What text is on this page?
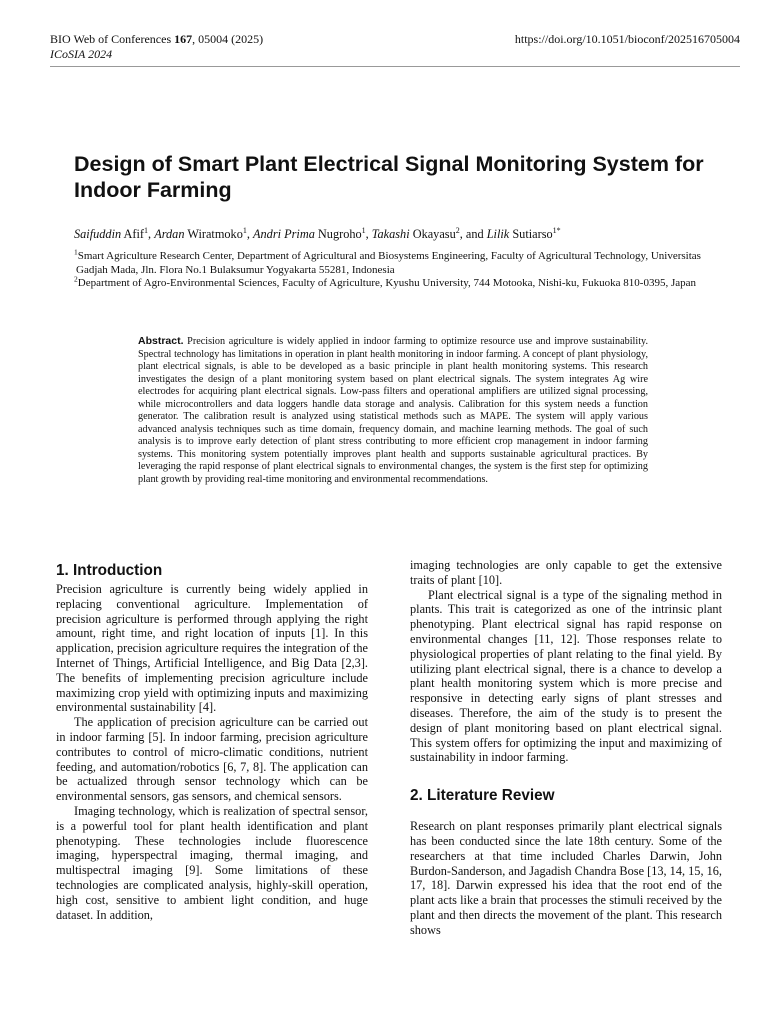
BIO Web of Conferences 167, 05004 (2025)
ICoSIA 2024
https://doi.org/10.1051/bioconf/202516705004
Design of Smart Plant Electrical Signal Monitoring System for Indoor Farming
Saifuddin Afif$^1$, Ardan Wiratmoko$^1$, Andri Prima Nugroho$^1$, Takashi Okayasu$^2$, and Lilik Sutiarso$^{1*}$
$^1$Smart Agriculture Research Center, Department of Agricultural and Biosystems Engineering, Faculty of Agricultural Technology, Universitas Gadjah Mada, Jln. Flora No.1 Bulaksumur Yogyakarta 55281, Indonesia
$^2$Department of Agro-Environmental Sciences, Faculty of Agriculture, Kyushu University, 744 Motooka, Nishi-ku, Fukuoka 810-0395, Japan
Abstract. Precision agriculture is widely applied in indoor farming to optimize resource use and improve sustainability. Spectral technology has limitations in operation in plant health monitoring in indoor farming. A concept of plant physiology, plant electrical signals, is able to be developed as a basic principle in plant health monitoring systems. This research investigates the design of a plant monitoring system based on plant electrical signals. The system integrates Ag wire electrodes for acquiring plant electrical signals. Low-pass filters and operational amplifiers are utilized signal processing, while microcontrollers and data loggers handle data storage and analysis. Calibration for this system needs a function generator. The calibration result is analyzed using statistical methods such as MAPE. The system will apply various advanced analysis techniques such as time domain, frequency domain, and machine learning methods. The goal of such analysis is to improve early detection of plant stress contributing to more efficient crop management in indoor farming systems. This monitoring system potentially improves plant health and supports sustainable agricultural practices. By leveraging the rapid response of plant electrical signals to environmental changes, the system is the first step for optimizing plant growth by providing real-time monitoring and environmental recommendations.
1. Introduction

Precision agriculture is currently being widely applied in replacing conventional agriculture. Implementation of precision agriculture is performed through applying the right amount, right time, and right location of inputs [1]. In this application, precision agriculture requires the integration of the Internet of Things, Artificial Intelligence, and Big Data [2,3]. The benefits of implementing precision agriculture include maximizing crop yield with optimizing inputs and maximizing environmental sustainability [4].

The application of precision agriculture can be carried out in indoor farming [5]. In indoor farming, precision agriculture contributes to control of micro-climatic conditions, nutrient feeding, and automation/robotics [6, 7, 8]. The application can be actualized through sensor technology which can be environmental sensors, gas sensors, and chemical sensors.

Imaging technology, which is realization of spectral sensor, is a powerful tool for plant health identification and plant phenotyping. These technologies include fluorescence imaging, hyperspectral imaging, thermal imaging, and multispectral imaging [9]. Some limitations of these technologies are complicated analysis, highly-skill operation, high cost, sensitive to ambient light condition, and huge dataset. In addition,

imaging technologies are only capable to get the extensive traits of plant [10].

Plant electrical signal is a type of the signaling method in plants. This trait is categorized as one of the intrinsic plant phenotyping. Plant electrical signal has rapid response on environmental changes [11, 12]. Those responses relate to physiological properties of plant relating to the final yield. By utilizing plant electrical signal, there is a chance to develop a plant health monitoring system which is more precise and responsive in detecting early signs of plant stresses and diseases. Therefore, the aim of the study is to present the design of plant monitoring based on plant electrical signal. This system offers for optimizing the input and maximizing of sustainability in indoor farming.

2. Literature Review

Research on plant responses primarily plant electrical signals has been conducted since the late 18th century. Some of the researchers at that time included Charles Darwin, John Burdon-Sanderson, and Jagadish Chandra Bose [13, 14, 15, 16, 17, 18]. Darwin expressed his idea that the root end of the plant acts like a brain that processes the stimuli received by the plant and then directs the movement of the plant. This research shows
